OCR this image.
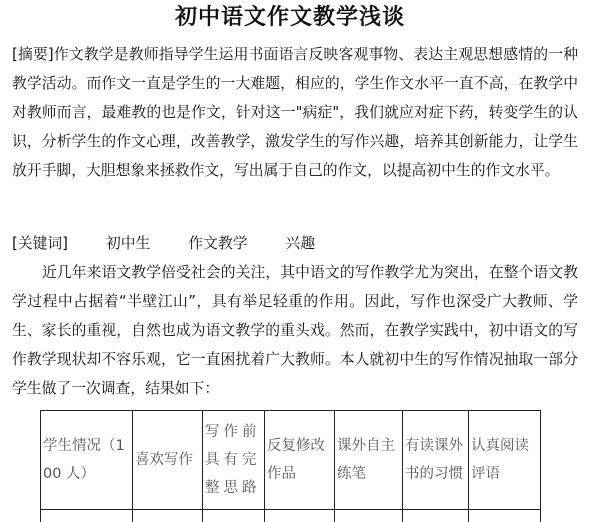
初中语文作文教学浅谈

[摘要]作文教学是教师指导学生运用书面语言反映客观事物、表达主观思想感情的一种教学活动。而作文一直是学生的一大难题，相应的，学生作文水平一直不高，在教学中对教师而言，最难教的也是作文，针对这一"病症"，我们就应对症下药，转变学生的认识，分析学生的作文心理，改善教学，激发学生的写作兴趣，培养其创新能力，让学生放开手脚，大胆想象来拯救作文，写出属于自己的作文，以提高初中生的作文水平。

[关键词]	初中生	作文教学	兴趣

近几年来语文教学倍受社会的关注，其中语文的写作教学尤为突出，在整个语文教学过程中占据着“半壁江山”，具有举足轻重的作用。因此，写作也深受广大教师、学生、家长的重视，自然也成为语文教学的重头戏。然而，在教学实践中，初中语文的写作教学现状却不容乐观，它一直困扰着广大教师。本人就初中生的写作情况抽取一部分学生做了一次调查，结果如下：

学生情况（100 人）	喜欢写作	写作前具有完整思路	反复修改作品	课外自主练笔	有读课外书的习惯	认真阅读评语
